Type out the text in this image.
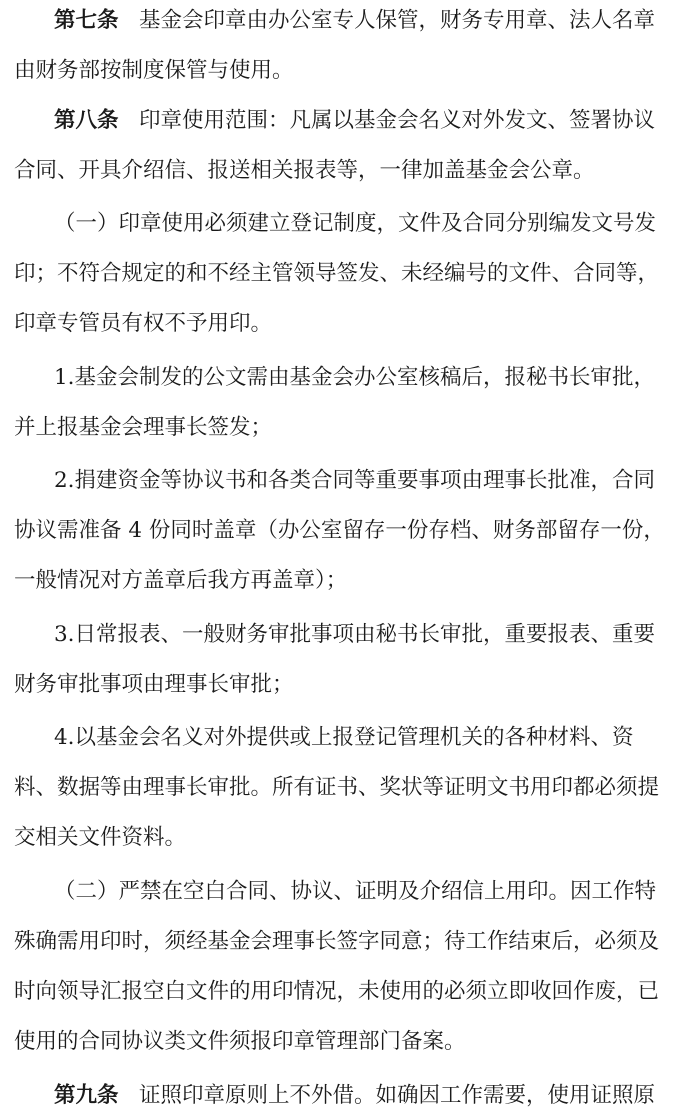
第七条 基金会印章由办公室专人保管，财务专用章、法人名章
由财务部按制度保管与使用。
第八条 印章使用范围：凡属以基金会名义对外发文、签署协议
合同、开具介绍信、报送相关报表等，一律加盖基金会公章。
（一）印章使用必须建立登记制度，文件及合同分别编发文号发
印；不符合规定的和不经主管领导签发、未经编号的文件、合同等，
印章专管员有权不予用印。
1.基金会制发的公文需由基金会办公室核稿后，报秘书长审批，
并上报基金会理事长签发；
2.捐建资金等协议书和各类合同等重要事项由理事长批准，合同
协议需准备 4 份同时盖章（办公室留存一份存档、财务部留存一份，
一般情况对方盖章后我方再盖章）；
3.日常报表、一般财务审批事项由秘书长审批，重要报表、重要
财务审批事项由理事长审批；
4.以基金会名义对外提供或上报登记管理机关的各种材料、资
料、数据等由理事长审批。所有证书、奖状等证明文书用印都必须提
交相关文件资料。
（二）严禁在空白合同、协议、证明及介绍信上用印。因工作特
殊确需用印时，须经基金会理事长签字同意；待工作结束后，必须及
时向领导汇报空白文件的用印情况，未使用的必须立即收回作废，已
使用的合同协议类文件须报印章管理部门备案。
第九条 证照印章原则上不外借。如确因工作需要，使用证照原
